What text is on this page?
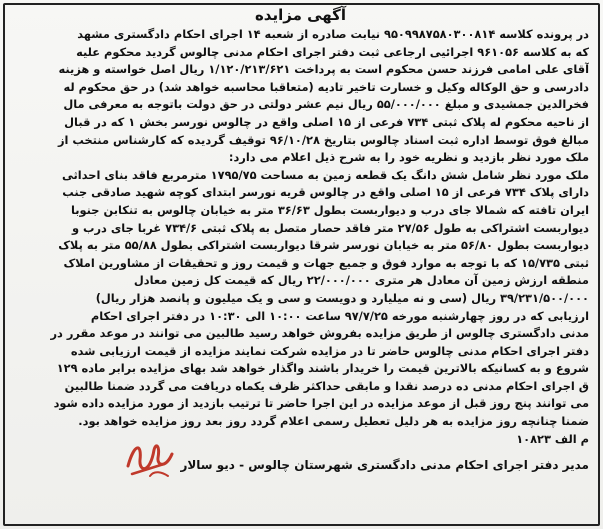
آگهی مزایده
در پرونده کلاسه ۹۵۰۹۹۸۷۵۸۰۳۰۰۸۱۴ نیابت صادره از شعبه ۱۴ اجرای احکام دادگستری مشهد
که به کلاسه ۹۶۱۰۵۶ اجرائیی ارجاعی ثبت دفتر اجرای احکام مدنی چالوس گردید محکوم علیه
آقای علی امامی فرزند حسن محکوم است به پرداخت ۱/۱۲۰/۲۱۳/۶۲۱ ریال اصل خواسته و هزینه
دادرسی و حق الوکاله وکیل و خسارت تاخیر تادیه (متعاقبا محاسبه خواهد شد) در حق محکوم له
فخرالدین جمشیدی و مبلغ ۵۵/۰۰۰/۰۰۰ ریال نیم عشر دولتی در حق دولت باتوجه به معرفی مال
از ناحیه محکوم له پلاک ثبتی ۷۳۴ فرعی از ۱۵ اصلی واقع در چالوس نورسر بخش ۱ که در قبال
مبالغ فوق توسط اداره ثبت اسناد چالوس بتاریخ ۹۶/۱۰/۲۸ توقیف گردیده که کارشناس منتخب از
ملک مورد نظر بازدید و نظریه خود را به شرح ذیل اعلام می دارد:
ملک مورد نظر شامل شش دانگ یک قطعه زمین به مساحت ۱۷۹۵/۷۵ مترمربع فاقد بنای احداثی
دارای پلاک ۷۳۴ فرعی از ۱۵ اصلی واقع در چالوس قریه نورسر ابتدای کوچه شهید صادقی جنب
ایران تافته که شمالا جای درب و دیواربست بطول ۳۶/۶۳ متر به خیابان چالوس به تنکابن جنوبا
دیواربست اشتراکی به طول ۲۷/۵۶ متر فاقد حصار متصل به پلاک ثبتی ۷۳۴/۶ غربا جای درب و
دیواربست بطول ۵۶/۸۰ متر به خیابان نورسر شرقا دیواربست اشتراکی بطول ۵۵/۸۸ متر به پلاک
ثبتی ۱۵/۷۳۵ که با توجه به موارد فوق و جمیع جهات و قیمت روز و تحقیقات از مشاورین املاک
منطقه ارزش زمین آن معادل هر متری ۲۲/۰۰۰/۰۰۰ ریال که قیمت کل زمین معادل
۳۹/۲۳۱/۵۰۰/۰۰۰ ریال (سی و نه میلیارد و دویست و سی و یک میلیون و پانصد هزار ریال)
ارزیابی که در روز چهارشنبه مورخه ۹۷/۷/۲۵ ساعت ۱۰:۰۰ الی ۱۰:۳۰ در دفتر اجرای احکام
مدنی دادگستری چالوس از طریق مزایده بفروش خواهد رسید طالبین می توانند در موعد مقرر در
دفتر اجرای احکام مدنی چالوس حاضر تا در مزایده شرکت نمایند مزایده از قیمت ارزیابی شده
شروع و به کسانیکه بالاترین قیمت را خریدار باشند واگذار خواهد شد بهای مزایده برابر ماده ۱۲۹
ق اجرای احکام مدنی ده درصد نقدا و مابقی حداکثر ظرف یکماه دریافت می گردد ضمنا طالبین
می توانند پنج روز قبل از موعد مزایده در این اجرا حاضر تا ترتیب بازدید از مورد مزایده داده شود
ضمنا چنانچه روز مزایده به هر دلیل تعطیل رسمی اعلام گردد روز بعد روز مزایده خواهد بود.
م الف ۱۰۸۲۳
مدیر دفتر اجرای احکام مدنی دادگستری شهرستان چالوس - دیو سالار
